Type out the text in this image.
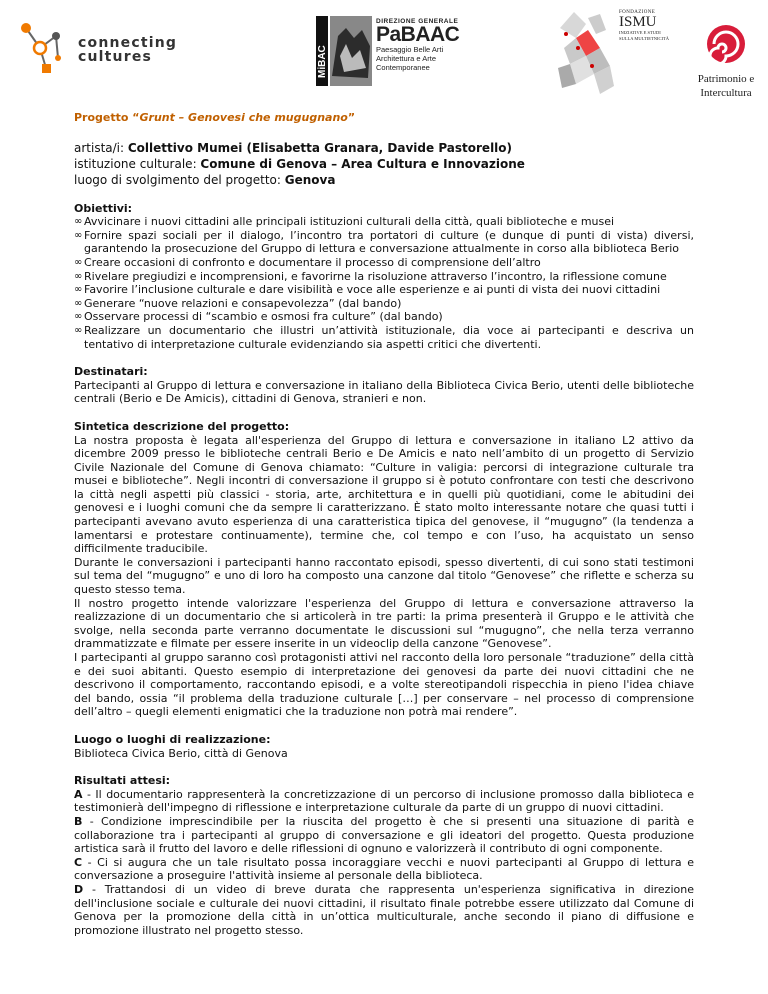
connecting
cultures	MiBAC
DIREZIONE GENERALE
PaBAAC
Paesaggio Belle Arti
Architettura e Arte
Contemporanee
FONDAZIONE
ISMU
INIZIATIVE E STUDI
SULLA MULTIETNICITÀ
Patrimonio e
Intercultura

Progetto “Grunt – Genovesi che mugugnano”

artista/i: Collettivo Mumei (Elisabetta Granara, Davide Pastorello)
istituzione culturale: Comune di Genova – Area Cultura e Innovazione
luogo di svolgimento del progetto: Genova

Obiettivi:

∞ Avvicinare i nuovi cittadini alle principali istituzioni culturali della città, quali biblioteche e musei
∞ Fornire spazi sociali per il dialogo, l’incontro tra portatori di culture (e dunque di punti di vista) diversi, garantendo la prosecuzione del Gruppo di lettura e conversazione attualmente in corso alla biblioteca Berio
∞ Creare occasioni di confronto e documentare il processo di comprensione dell’altro
∞ Rivelare pregiudizi e incomprensioni, e favorirne la risoluzione attraverso l’incontro, la riflessione comune
∞ Favorire l’inclusione culturale e dare visibilità e voce alle esperienze e ai punti di vista dei nuovi cittadini
∞ Generare “nuove relazioni e consapevolezza” (dal bando)
∞ Osservare processi di “scambio e osmosi fra culture” (dal bando)
∞ Realizzare un documentario che illustri un’attività istituzionale, dia voce ai partecipanti e descriva un tentativo di interpretazione culturale evidenziando sia aspetti critici che divertenti.

Destinatari:

Partecipanti al Gruppo di lettura e conversazione in italiano della Biblioteca Civica Berio, utenti delle biblioteche centrali (Berio e De Amicis), cittadini di Genova, stranieri e non.

Sintetica descrizione del progetto:

La nostra proposta è legata all'esperienza del Gruppo di lettura e conversazione in italiano L2 attivo da dicembre 2009 presso le biblioteche centrali Berio e De Amicis e nato nell’ambito di un progetto di Servizio Civile Nazionale del Comune di Genova chiamato: “Culture in valigia: percorsi di integrazione culturale tra musei e biblioteche”. Negli incontri di conversazione il gruppo si è potuto confrontare con testi che descrivono la città negli aspetti più classici - storia, arte, architettura e in quelli più quotidiani, come le abitudini dei genovesi e i luoghi comuni che da sempre li caratterizzano. È stato molto interessante notare che quasi tutti i partecipanti avevano avuto esperienza di una caratteristica tipica del genovese, il “mugugno” (la tendenza a lamentarsi e protestare continuamente), termine che, col tempo e con l’uso, ha acquistato un senso difficilmente traducibile.

Durante le conversazioni i partecipanti hanno raccontato episodi, spesso divertenti, di cui sono stati testimoni sul tema del “mugugno” e uno di loro ha composto una canzone dal titolo “Genovese” che riflette e scherza su questo stesso tema.

Il nostro progetto intende valorizzare l'esperienza del Gruppo di lettura e conversazione attraverso la realizzazione di un documentario che si articolerà in tre parti: la prima presenterà il Gruppo e le attività che svolge, nella seconda parte verranno documentate le discussioni sul “mugugno”, che nella terza verranno drammatizzate e filmate per essere inserite in un videoclip della canzone “Genovese”.

I partecipanti al gruppo saranno così protagonisti attivi nel racconto della loro personale “traduzione” della città e dei suoi abitanti. Questo esempio di interpretazione dei genovesi da parte dei nuovi cittadini che ne descrivono il comportamento, raccontando episodi, e a volte stereotipandoli rispecchia in pieno l'idea chiave del bando, ossia “il problema della traduzione culturale […] per conservare – nel processo di comprensione dell’altro – quegli elementi enigmatici che la traduzione non potrà mai rendere”.

Luogo o luoghi di realizzazione:

Biblioteca Civica Berio, città di Genova

Risultati attesi:

A - Il documentario rappresenterà la concretizzazione di un percorso di inclusione promosso dalla biblioteca e testimonierà dell'impegno di riflessione e interpretazione culturale da parte di un gruppo di nuovi cittadini.

B - Condizione imprescindibile per la riuscita del progetto è che si presenti una situazione di parità e collaborazione tra i partecipanti al gruppo di conversazione e gli ideatori del progetto. Questa produzione artistica sarà il frutto del lavoro e delle riflessioni di ognuno e valorizzerà il contributo di ogni componente.

C - Ci si augura che un tale risultato possa incoraggiare vecchi e nuovi partecipanti al Gruppo di lettura e conversazione a proseguire l'attività insieme al personale della biblioteca.

D - Trattandosi di un video di breve durata che rappresenta un'esperienza significativa in direzione dell'inclusione sociale e culturale dei nuovi cittadini, il risultato finale potrebbe essere utilizzato dal Comune di Genova per la promozione della città in un’ottica multiculturale, anche secondo il piano di diffusione e promozione illustrato nel progetto stesso.
